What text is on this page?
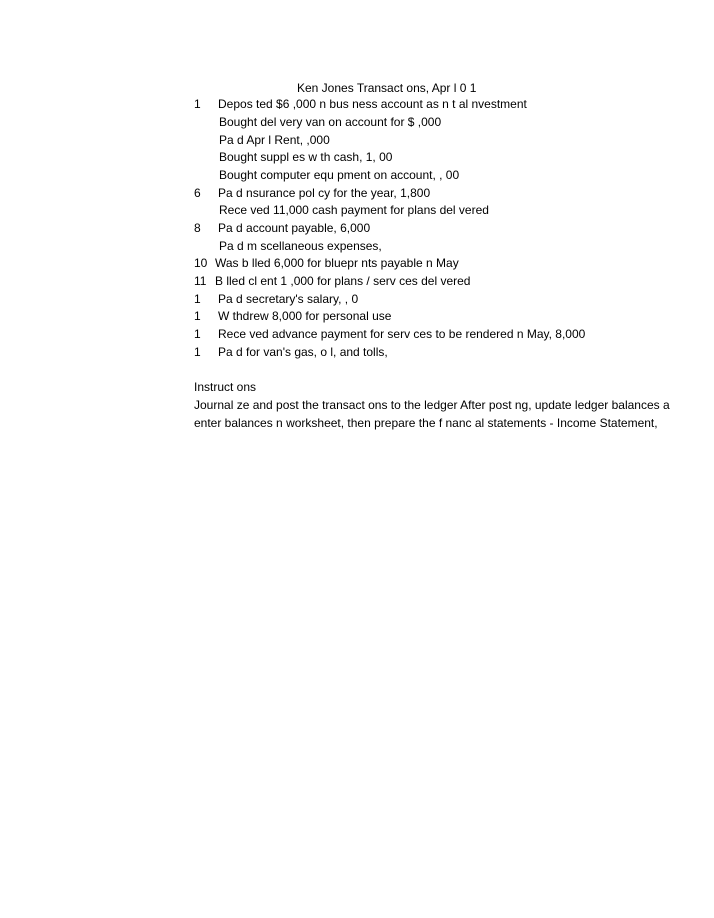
Ken Jones Transact ons, Apr l 0 1
1 Depos ted $6 ,000 n bus ness account as n t al nvestment
Bought del very van on account for $ ,000
Pa d Apr l Rent, ,000
Bought suppl es w th cash, 1, 00
Bought computer equ pment on account, , 00
6 Pa d nsurance pol cy for the year, 1,800
Rece ved 11,000 cash payment for plans del vered
8 Pa d account payable, 6,000
Pa d m scellaneous expenses,
10 Was b lled 6,000 for bluepr nts payable n May
11 B lled cl ent 1 ,000 for plans / serv ces del vered
1 Pa d secretary's salary, , 0
1 W thdrew 8,000 for personal use
1 Rece ved advance payment for serv ces to be rendered n May, 8,000
1 Pa d for van's gas, o l, and tolls,
Instruct ons
Journal ze and post the transact ons to the ledger After post ng, update ledger balances a
enter balances n worksheet, then prepare the f nanc al statements - Income Statement,
